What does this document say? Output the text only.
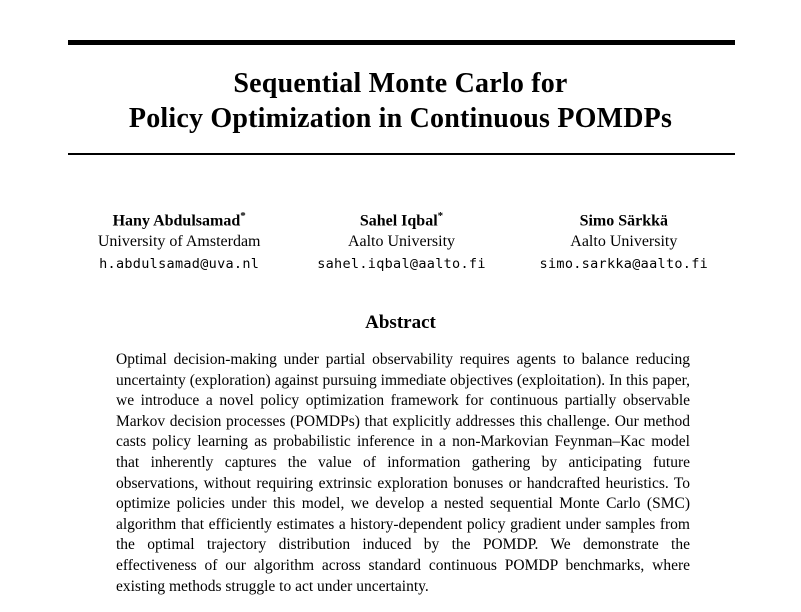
Sequential Monte Carlo for
Policy Optimization in Continuous POMDPs
Hany Abdulsamad*
University of Amsterdam
h.abdulsamad@uva.nl
Sahel Iqbal*
Aalto University
sahel.iqbal@aalto.fi
Simo Särkkä
Aalto University
simo.sarkka@aalto.fi
Abstract

Optimal decision-making under partial observability requires agents to balance reducing uncertainty (exploration) against pursuing immediate objectives (exploitation). In this paper, we introduce a novel policy optimization framework for continuous partially observable Markov decision processes (POMDPs) that explicitly addresses this challenge. Our method casts policy learning as probabilistic inference in a non-Markovian Feynman–Kac model that inherently captures the value of information gathering by anticipating future observations, without requiring extrinsic exploration bonuses or handcrafted heuristics. To optimize policies under this model, we develop a nested sequential Monte Carlo (SMC) algorithm that efficiently estimates a history-dependent policy gradient under samples from the optimal trajectory distribution induced by the POMDP. We demonstrate the effectiveness of our algorithm across standard continuous POMDP benchmarks, where existing methods struggle to act under uncertainty.
